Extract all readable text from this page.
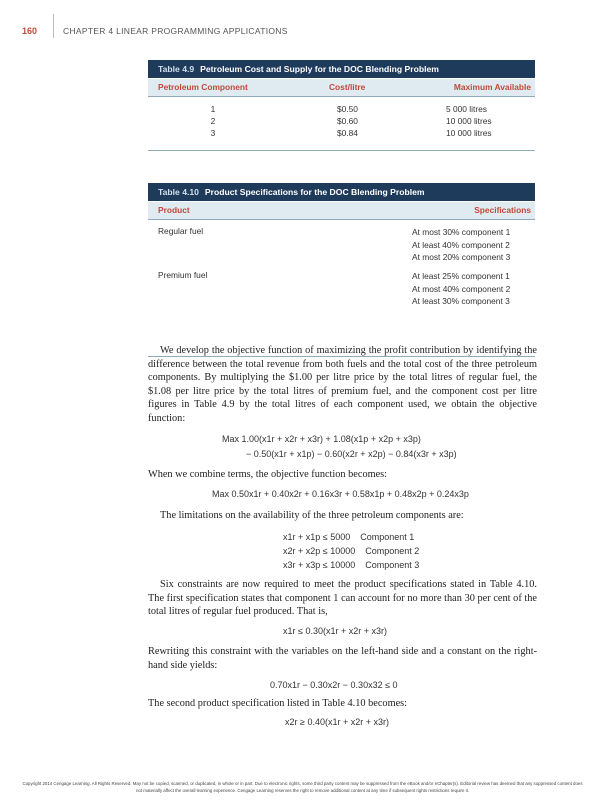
160	CHAPTER 4 LINEAR PROGRAMMING APPLICATIONS
Table 4.9 Petroleum Cost and Supply for the DOC Blending Problem
Petroleum Component	Cost/litre	Maximum Available
1	$0.50	5 000 litres
2	$0.60	10 000 litres
3	$0.84	10 000 litres
Table 4.10 Product Specifications for the DOC Blending Problem
Product	Specifications
Regular fuel	At most 30% component 1
At least 40% component 2
At most 20% component 3
Premium fuel	At least 25% component 1
At most 40% component 2
At least 30% component 3
We develop the objective function of maximizing the profit contribution by identifying the difference between the total revenue from both fuels and the total cost of the three petroleum components. By multiplying the $1.00 per litre price by the total litres of regular fuel, the $1.08 per litre price by the total litres of premium fuel, and the component cost per litre figures in Table 4.9 by the total litres of each component used, we obtain the objective function:
Max 1.00(x1r + x2r + x3r) + 1.08(x1p + x2p + x3p)
− 0.50(x1r + x1p) − 0.60(x2r + x2p) − 0.84(x3r + x3p)
When we combine terms, the objective function becomes:
Max 0.50x1r + 0.40x2r + 0.16x3r + 0.58x1p + 0.48x2p + 0.24x3p
The limitations on the availability of the three petroleum components are:
x1r + x1p ≤ 5000 Component 1
x2r + x2p ≤ 10000 Component 2
x3r + x3p ≤ 10000 Component 3
Six constraints are now required to meet the product specifications stated in Table 4.10. The first specification states that component 1 can account for no more than 30 per cent of the total litres of regular fuel produced. That is,
x1r ≤ 0.30(x1r + x2r + x3r)
Rewriting this constraint with the variables on the left-hand side and a constant on the right-hand side yields:
0.70x1r − 0.30x2r − 0.30x32 ≤ 0
The second product specification listed in Table 4.10 becomes:
x2r ≥ 0.40(x1r + x2r + x3r)
Copyright 2014 Cengage Learning. All Rights Reserved. May not be copied, scanned, or duplicated, in whole or in part. Due to electronic rights, some third party content may be suppressed from the eBook and/or eChapter(s). Editorial review has deemed that any suppressed content does not materially affect the overall learning experience. Cengage Learning reserves the right to remove additional content at any time if subsequent rights restrictions require it.
